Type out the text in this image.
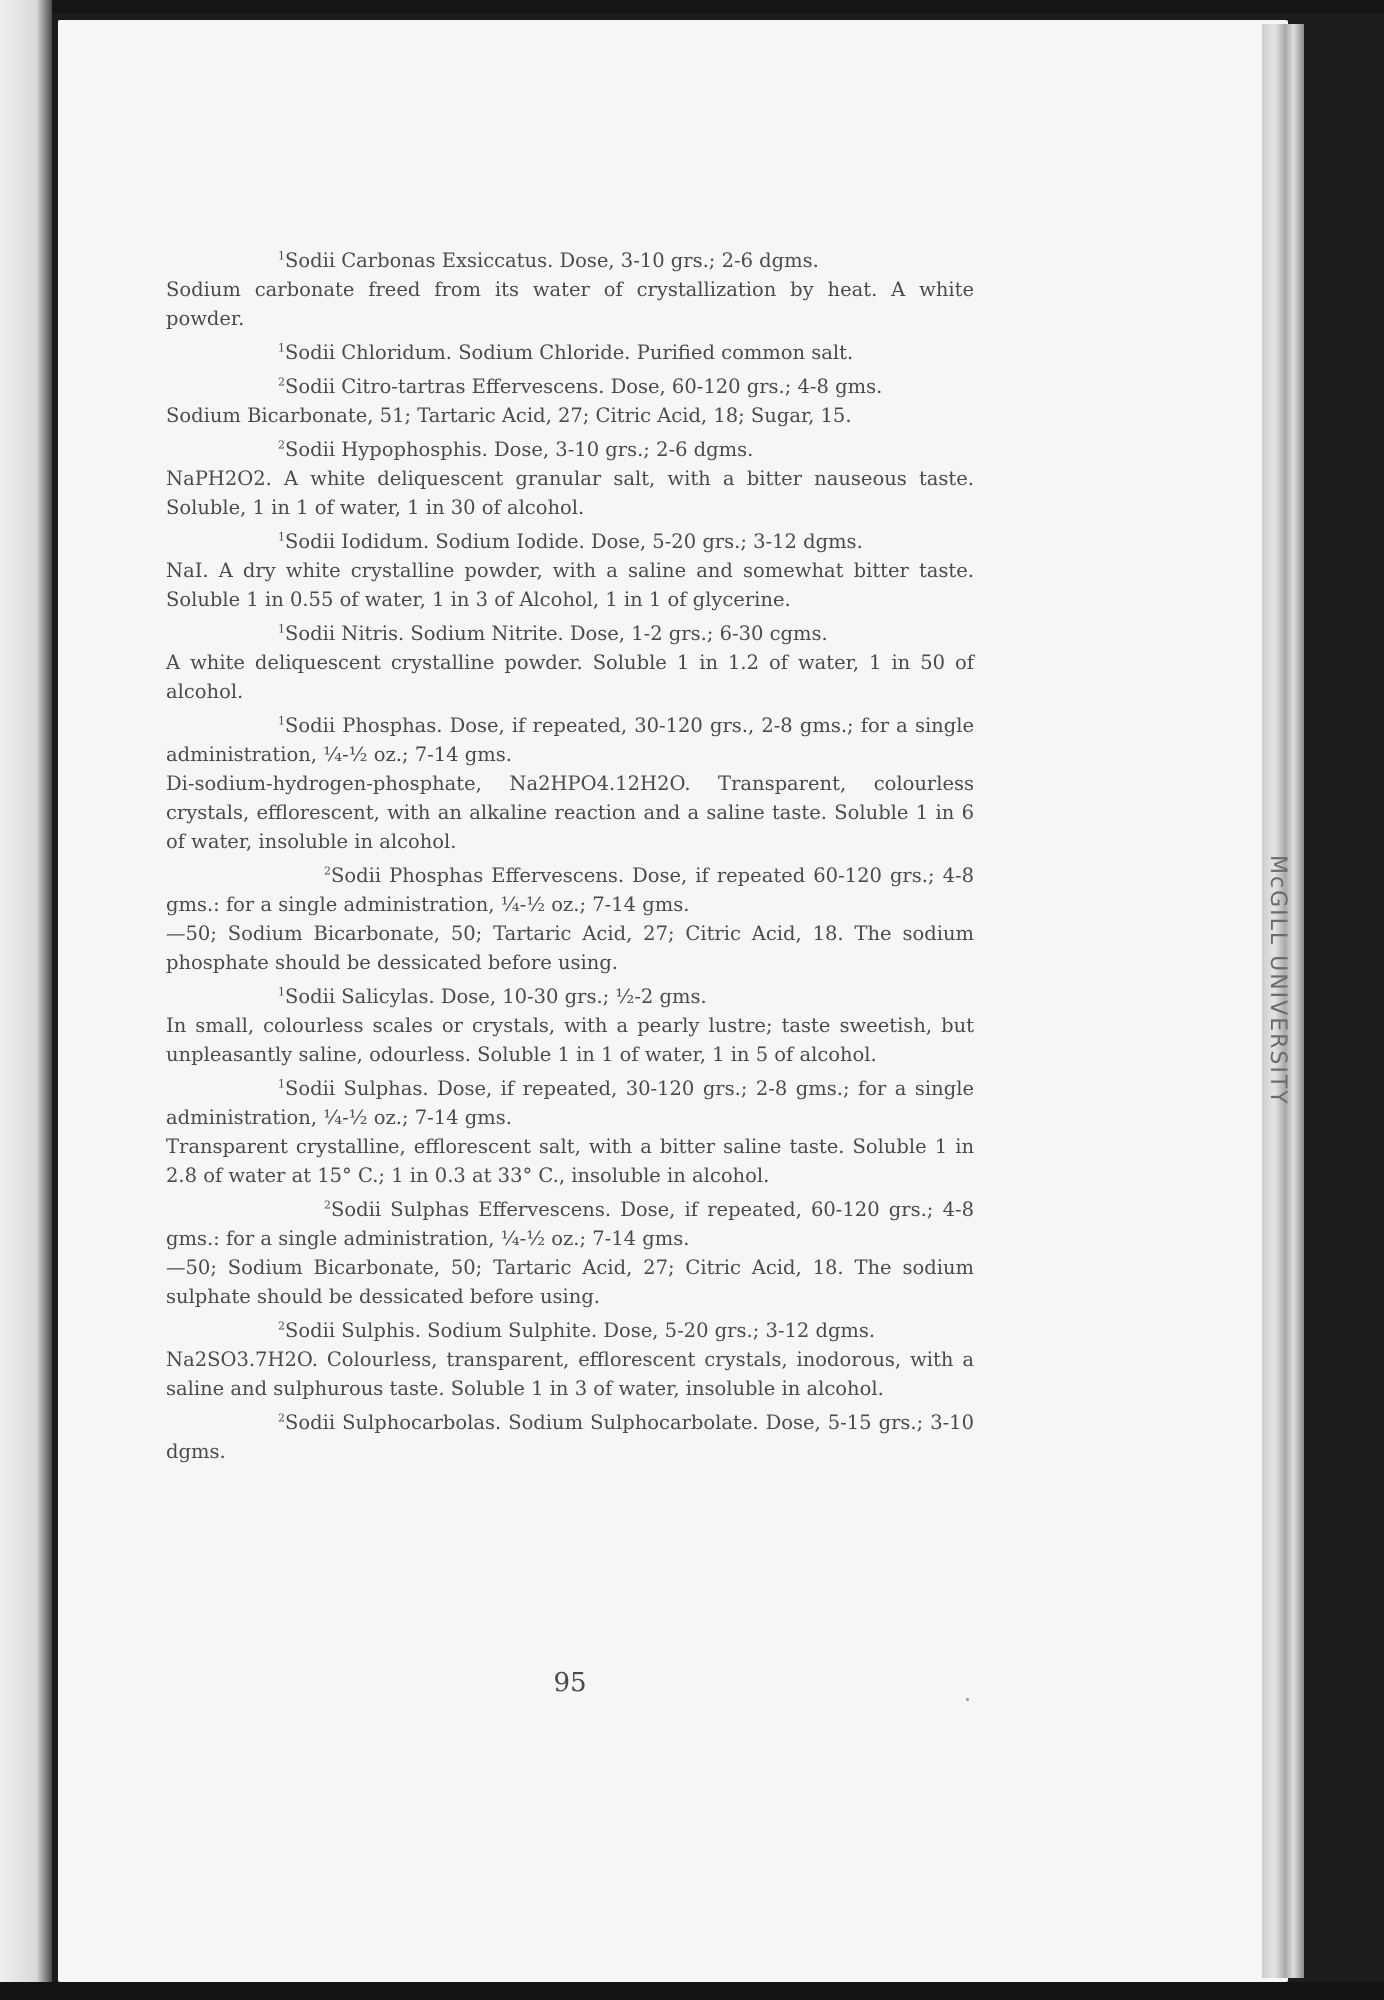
McGILL UNIVERSITY

$^1$Sodii Carbonas Exsiccatus. Dose, 3-10 grs.; 2-6 dgms.

Sodium carbonate freed from its water of crystallization by heat. A white powder.

$^1$Sodii Chloridum. Sodium Chloride. Purified common salt.

$^2$Sodii Citro-tartras Effervescens. Dose, 60-120 grs.; 4-8 gms.

Sodium Bicarbonate, 51; Tartaric Acid, 27; Citric Acid, 18; Sugar, 15.

$^2$Sodii Hypophosphis. Dose, 3-10 grs.; 2-6 dgms.

NaPH2O2. A white deliquescent granular salt, with a bitter nauseous taste. Soluble, 1 in 1 of water, 1 in 30 of alcohol.

$^1$Sodii Iodidum. Sodium Iodide. Dose, 5-20 grs.; 3-12 dgms.

NaI. A dry white crystalline powder, with a saline and somewhat bitter taste. Soluble 1 in 0.55 of water, 1 in 3 of Alcohol, 1 in 1 of glycerine.

$^1$Sodii Nitris. Sodium Nitrite. Dose, 1-2 grs.; 6-30 cgms.

A white deliquescent crystalline powder. Soluble 1 in 1.2 of water, 1 in 50 of alcohol.

$^1$Sodii Phosphas. Dose, if repeated, 30-120 grs., 2-8 gms.; for a single administration, ¼-½ oz.; 7-14 gms.

Di-sodium-hydrogen-phosphate, Na2HPO4.12H2O. Transparent, colourless crystals, efflorescent, with an alkaline reaction and a saline taste. Soluble 1 in 6 of water, insoluble in alcohol.

$^2$Sodii Phosphas Effervescens. Dose, if repeated 60-120 grs.; 4-8 gms.: for a single administration, ¼-½ oz.; 7-14 gms.

—50; Sodium Bicarbonate, 50; Tartaric Acid, 27; Citric Acid, 18. The sodium phosphate should be dessicated before using.

$^1$Sodii Salicylas. Dose, 10-30 grs.; ½-2 gms.

In small, colourless scales or crystals, with a pearly lustre; taste sweetish, but unpleasantly saline, odourless. Soluble 1 in 1 of water, 1 in 5 of alcohol.

$^1$Sodii Sulphas. Dose, if repeated, 30-120 grs.; 2-8 gms.; for a single administration, ¼-½ oz.; 7-14 gms.

Transparent crystalline, efflorescent salt, with a bitter saline taste. Soluble 1 in 2.8 of water at 15° C.; 1 in 0.3 at 33° C., insoluble in alcohol.

$^2$Sodii Sulphas Effervescens. Dose, if repeated, 60-120 grs.; 4-8 gms.: for a single administration, ¼-½ oz.; 7-14 gms.

—50; Sodium Bicarbonate, 50; Tartaric Acid, 27; Citric Acid, 18. The sodium sulphate should be dessicated before using.

$^2$Sodii Sulphis. Sodium Sulphite. Dose, 5-20 grs.; 3-12 dgms.

Na2SO3.7H2O. Colourless, transparent, efflorescent crystals, inodorous, with a saline and sulphurous taste. Soluble 1 in 3 of water, insoluble in alcohol.

$^2$Sodii Sulphocarbolas. Sodium Sulphocarbolate. Dose, 5-15 grs.; 3-10 dgms.

95
